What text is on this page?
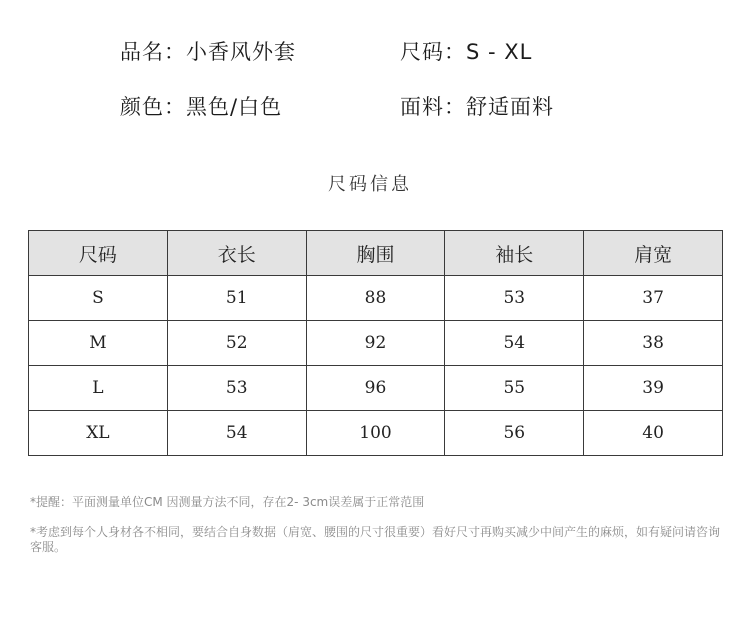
品名：小香风外套	尺码：S - XL
颜色：黑色/白色	面料：舒适面料
尺码信息
尺码	衣长	胸围	袖长	肩宽
S	51	88	53	37
M	52	92	54	38
L	53	96	55	39
XL	54	100	56	40
*提醒：平面测量单位CM 因测量方法不同，存在2- 3cm误差属于正常范围
*考虑到每个人身材各不相同，要结合自身数据（肩宽、腰围的尺寸很重要）看好尺寸再购买减少中间产生的麻烦，如有疑问请咨询客服。
